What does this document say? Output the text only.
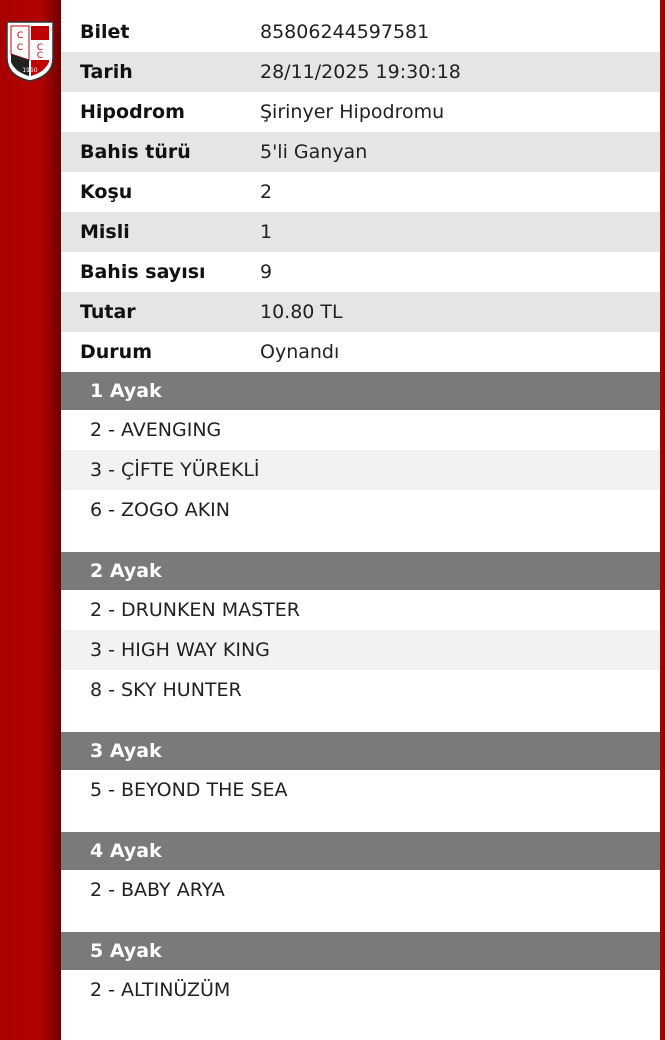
C
C C
C
1950
Bilet	85806244597581
Tarih	28/11/2025 19:30:18
Hipodrom	Şirinyer Hipodromu
Bahis türü	5'li Ganyan
Koşu	2
Misli	1
Bahis sayısı	9
Tutar	10.80 TL
Durum	Oynandı
1 Ayak
2 - AVENGING
3 - ÇİFTE YÜREKLİ
6 - ZOGO AKIN
2 Ayak
2 - DRUNKEN MASTER
3 - HIGH WAY KING
8 - SKY HUNTER
3 Ayak
5 - BEYOND THE SEA
4 Ayak
2 - BABY ARYA
5 Ayak
2 - ALTINÜZÜM
